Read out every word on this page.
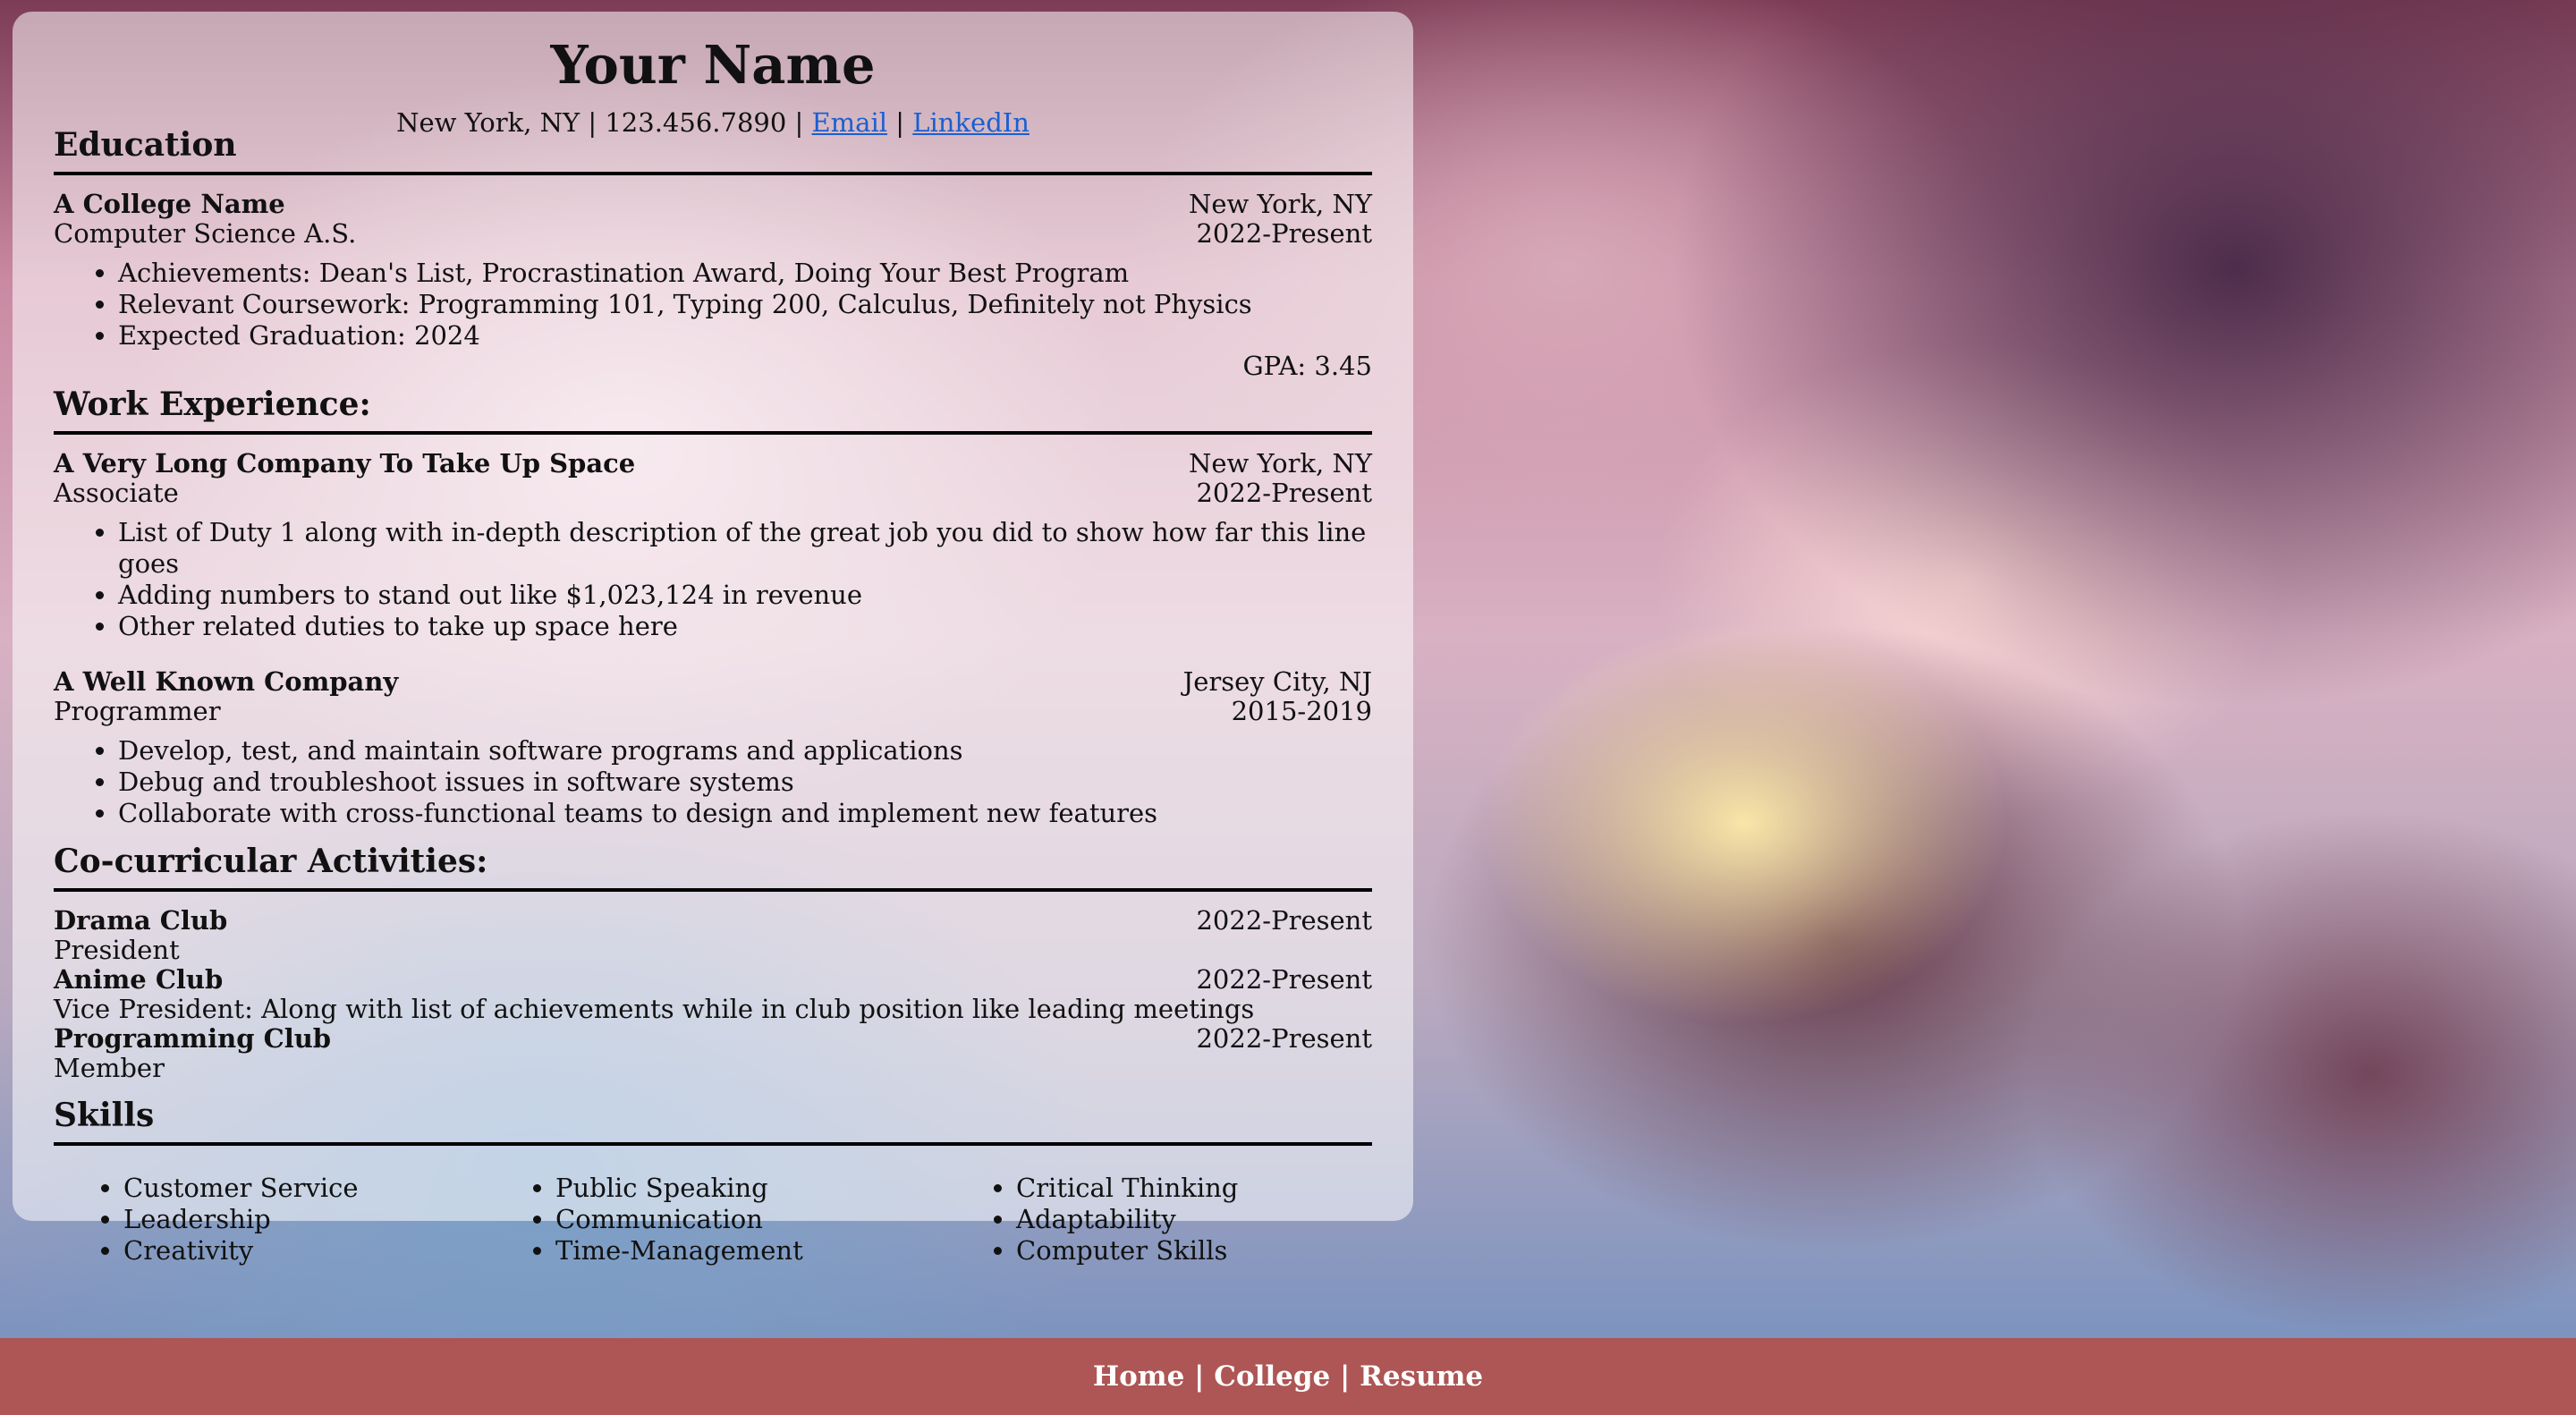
Your Name
New York, NY | 123.456.7890 | Email | LinkedIn
Education
A College Name	New York, NY
Computer Science A.S.	2022-Present
• Achievements: Dean's List, Procrastination Award, Doing Your Best Program
• Relevant Coursework: Programming 101, Typing 200, Calculus, Definitely not Physics
• Expected Graduation: 2024
GPA: 3.45
Work Experience:
A Very Long Company To Take Up Space	New York, NY
Associate	2022-Present
• List of Duty 1 along with in-depth description of the great job you did to show how far this line goes
• Adding numbers to stand out like $1,023,124 in revenue
• Other related duties to take up space here
A Well Known Company	Jersey City, NJ
Programmer	2015-2019
• Develop, test, and maintain software programs and applications
• Debug and troubleshoot issues in software systems
• Collaborate with cross-functional teams to design and implement new features
Co-curricular Activities:
Drama Club	2022-Present
President
Anime Club	2022-Present
Vice President: Along with list of achievements while in club position like leading meetings
Programming Club	2022-Present
Member
Skills
• Customer Service
• Leadership
• Creativity
• Public Speaking
• Communication
• Time-Management
• Critical Thinking
• Adaptability
• Computer Skills
Home | College | Resume
